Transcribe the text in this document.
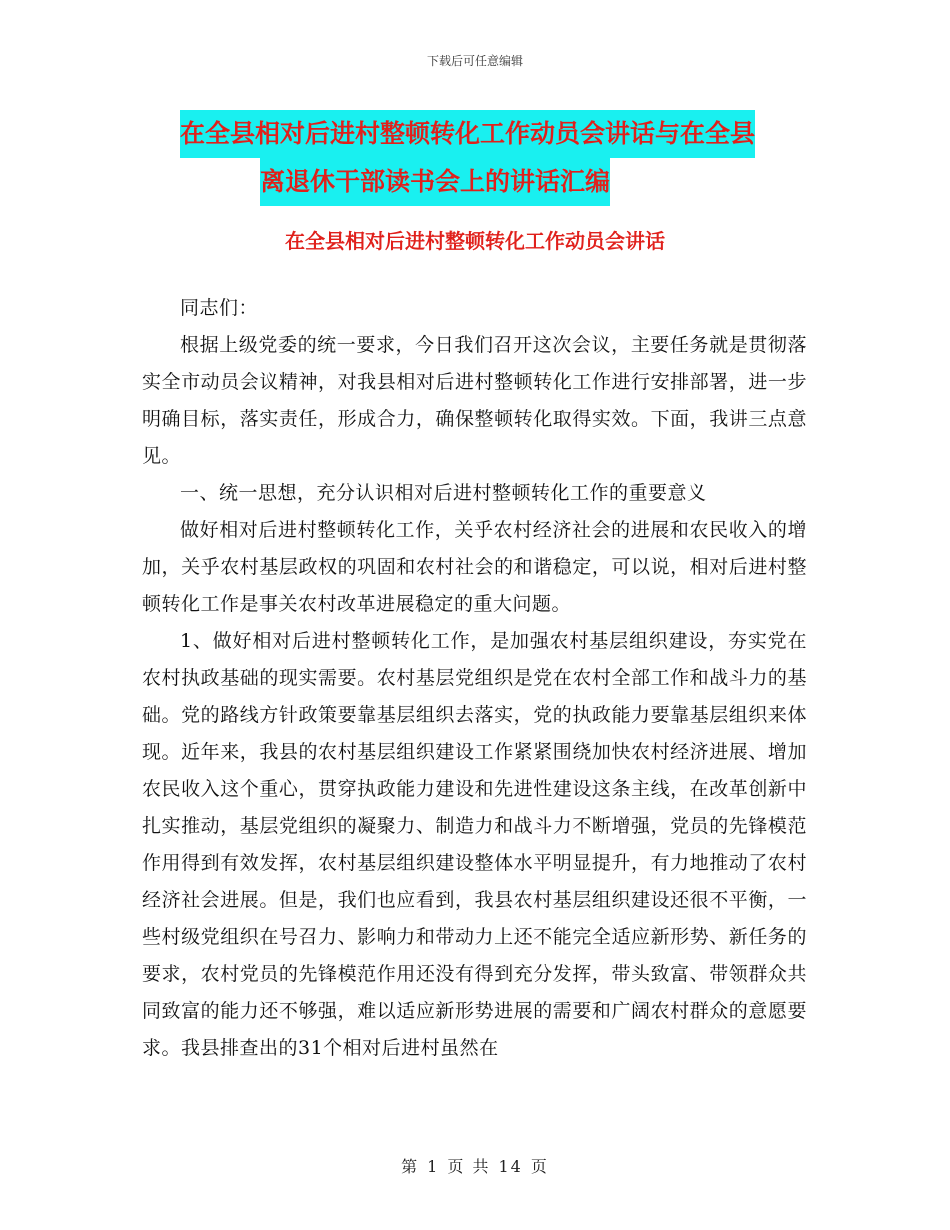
下载后可任意编辑
在全县相对后进村整顿转化工作动员会讲话与在全县
离退休干部读书会上的讲话汇编
在全县相对后进村整顿转化工作动员会讲话

同志们：

根据上级党委的统一要求，今日我们召开这次会议，主要任务就是贯彻落实全市动员会议精神，对我县相对后进村整顿转化工作进行安排部署，进一步明确目标，落实责任，形成合力，确保整顿转化取得实效。下面，我讲三点意见。

一、统一思想，充分认识相对后进村整顿转化工作的重要意义

做好相对后进村整顿转化工作，关乎农村经济社会的进展和农民收入的增加，关乎农村基层政权的巩固和农村社会的和谐稳定，可以说，相对后进村整顿转化工作是事关农村改革进展稳定的重大问题。

1、做好相对后进村整顿转化工作，是加强农村基层组织建设，夯实党在农村执政基础的现实需要。农村基层党组织是党在农村全部工作和战斗力的基础。党的路线方针政策要靠基层组织去落实，党的执政能力要靠基层组织来体现。近年来，我县的农村基层组织建设工作紧紧围绕加快农村经济进展、增加农民收入这个重心，贯穿执政能力建设和先进性建设这条主线，在改革创新中扎实推动，基层党组织的凝聚力、制造力和战斗力不断增强，党员的先锋模范作用得到有效发挥，农村基层组织建设整体水平明显提升，有力地推动了农村经济社会进展。但是，我们也应看到，我县农村基层组织建设还很不平衡，一些村级党组织在号召力、影响力和带动力上还不能完全适应新形势、新任务的要求，农村党员的先锋模范作用还没有得到充分发挥，带头致富、带领群众共同致富的能力还不够强，难以适应新形势进展的需要和广阔农村群众的意愿要求。我县排查出的31个相对后进村虽然在

第 1 页 共 14 页
